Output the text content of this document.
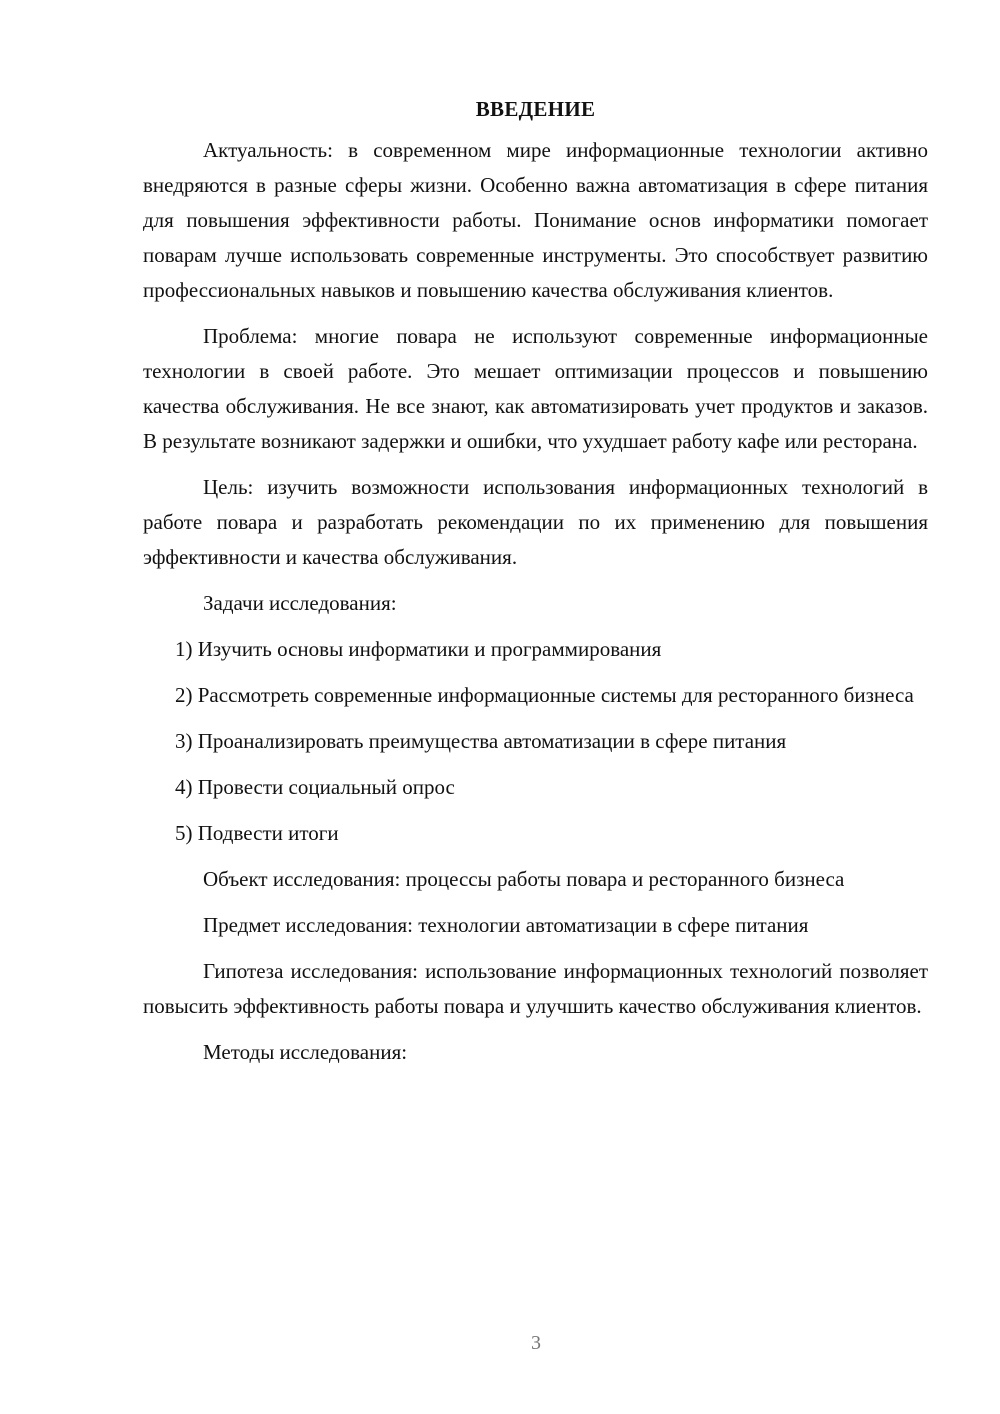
ВВЕДЕНИЕ

Актуальность: в современном мире информационные технологии активно внедряются в разные сферы жизни. Особенно важна автоматизация в сфере питания для повышения эффективности работы. Понимание основ информатики помогает поварам лучше использовать современные инструменты. Это способствует развитию профессиональных навыков и повышению качества обслуживания клиентов.

Проблема: многие повара не используют современные информационные технологии в своей работе. Это мешает оптимизации процессов и повышению качества обслуживания. Не все знают, как автоматизировать учет продуктов и заказов. В результате возникают задержки и ошибки, что ухудшает работу кафе или ресторана.

Цель: изучить возможности использования информационных технологий в работе повара и разработать рекомендации по их применению для повышения эффективности и качества обслуживания.

Задачи исследования:

1) Изучить основы информатики и программирования

2) Рассмотреть современные информационные системы для ресторанного бизнеса

3) Проанализировать преимущества автоматизации в сфере питания

4) Провести социальный опрос

5) Подвести итоги

Объект исследования: процессы работы повара и ресторанного бизнеса

Предмет исследования: технологии автоматизации в сфере питания

Гипотеза исследования: использование информационных технологий позволяет повысить эффективность работы повара и улучшить качество обслуживания клиентов.

Методы исследования:

3
